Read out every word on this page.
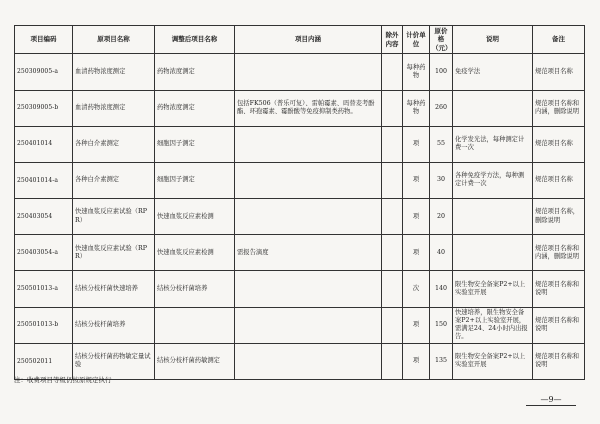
项目编码	原项目名称	调整后项目名称	项目内涵	除外内容	计价单位	原价格（元）	说明	备注
250309005-a	血清药物浓度测定	药物浓度测定			每种药物	100	免疫学法	规范项目名称
250309005-b	血清药物浓度测定	药物浓度测定	包括FK506（普乐可复）、雷帕霉素、吗替麦考酚酯、环孢霉素、霉酚酸等免疫抑制类药物。		每种药物	260		规范项目名称和内涵，删除说明
250401014	各种白介素测定	细胞因子测定			项	55	化学发光法，每种测定计费一次	规范项目名称
250401014-a	各种白介素测定	细胞因子测定			项	30	各种免疫学方法，每种测定计费一次	规范项目名称
250403054	快速血浆反应素试验（RPR）	快速血浆反应素检测			项	20		规范项目名称，删除说明
250403054-a	快速血浆反应素试验（RPR）	快速血浆反应素检测	需报告滴度		项	40		规范项目名称和内涵，删除说明
250501013-a	结核分枝杆菌快速培养	结核分枝杆菌培养			次	140	限生物安全备案P2+以上实验室开展	规范项目名称和说明
250501013-b	结核分枝杆菌培养				项	150	快速培养，限生物安全备案P2+以上实验室开展，需满足24、24小时内出报告。	规范项目名称和说明
250502011	结核分枝杆菌药物敏定量试验	结核分枝杆菌药敏测定			项	135	限生物安全备案P2+以上实验室开展	规范项目名称和说明
注：收费项目等级仍按原规定执行
—9—
